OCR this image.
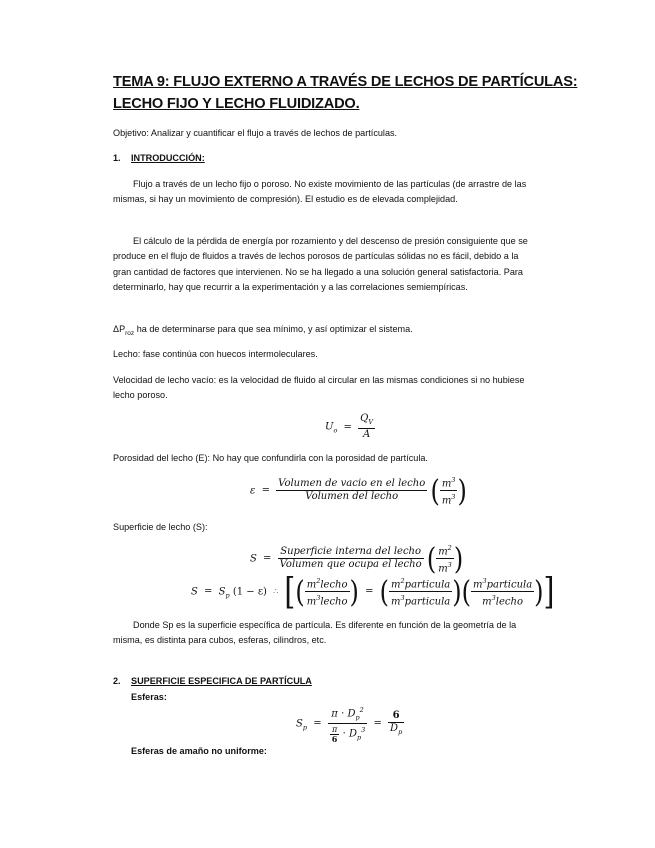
TEMA 9: FLUJO EXTERNO A TRAVÉS DE LECHOS DE PARTÍCULAS:
LECHO FIJO Y LECHO FLUIDIZADO.
Objetivo: Analizar y cuantificar el flujo a través de lechos de partículas.
1. INTRODUCCIÓN:
Flujo a través de un lecho fijo o poroso. No existe movimiento de las partículas (de arrastre de las mismas, si hay un movimiento de compresión). El estudio es de elevada complejidad.
El cálculo de la pérdida de energía por rozamiento y del descenso de presión consiguiente que se produce en el flujo de fluidos a través de lechos porosos de partículas sólidas no es fácil, debido a la gran cantidad de factores que intervienen. No se ha llegado a una solución general satisfactoria. Para determinarlo, hay que recurrir a la experimentación y a las correlaciones semiempíricas.
$\Delta P_{roz}$ ha de determinarse para que sea mínimo, y así optimizar el sistema.
Lecho: fase continúa con huecos intermoleculares.
Velocidad de lecho vacío: es la velocidad de fluido al circular en las mismas condiciones si no hubiese lecho poroso.
$U_o = \frac{Q_V}{A}$
Porosidad del lecho (E): No hay que confundirla con la porosidad de partícula.
$\varepsilon = \frac{\text{Volumen de vacio en el lecho}}{\text{Volumen del lecho}}$ ( $\frac{m^3}{m^3}$ )
Superficie de lecho (S):
$S = \frac{\text{Superficie interna del lecho}}{\text{Volumen que ocupa el lecho}}$ ( $\frac{m^2}{m^3}$ )
$S = S_p$ (1 − ε) ∴ [( $\frac{m^2lecho}{m^3lecho}$ ) = ( $\frac{m^2particula}{m^3particula}$ )( $\frac{m^3particula}{m^3lecho}$ )]
Donde Sp es la superficie específica de partícula. Es diferente en función de la geometría de la misma, es distinta para cubos, esferas, cilindros, etc.
2. SUPERFICIE ESPECIFICA DE PARTÍCULA
Esferas:
$S_p = \frac{\pi \cdot D_p^2}{\frac{\pi}{6} \cdot D_p^3} = \frac{6}{D_p}$
Esferas de amaño no uniforme:
